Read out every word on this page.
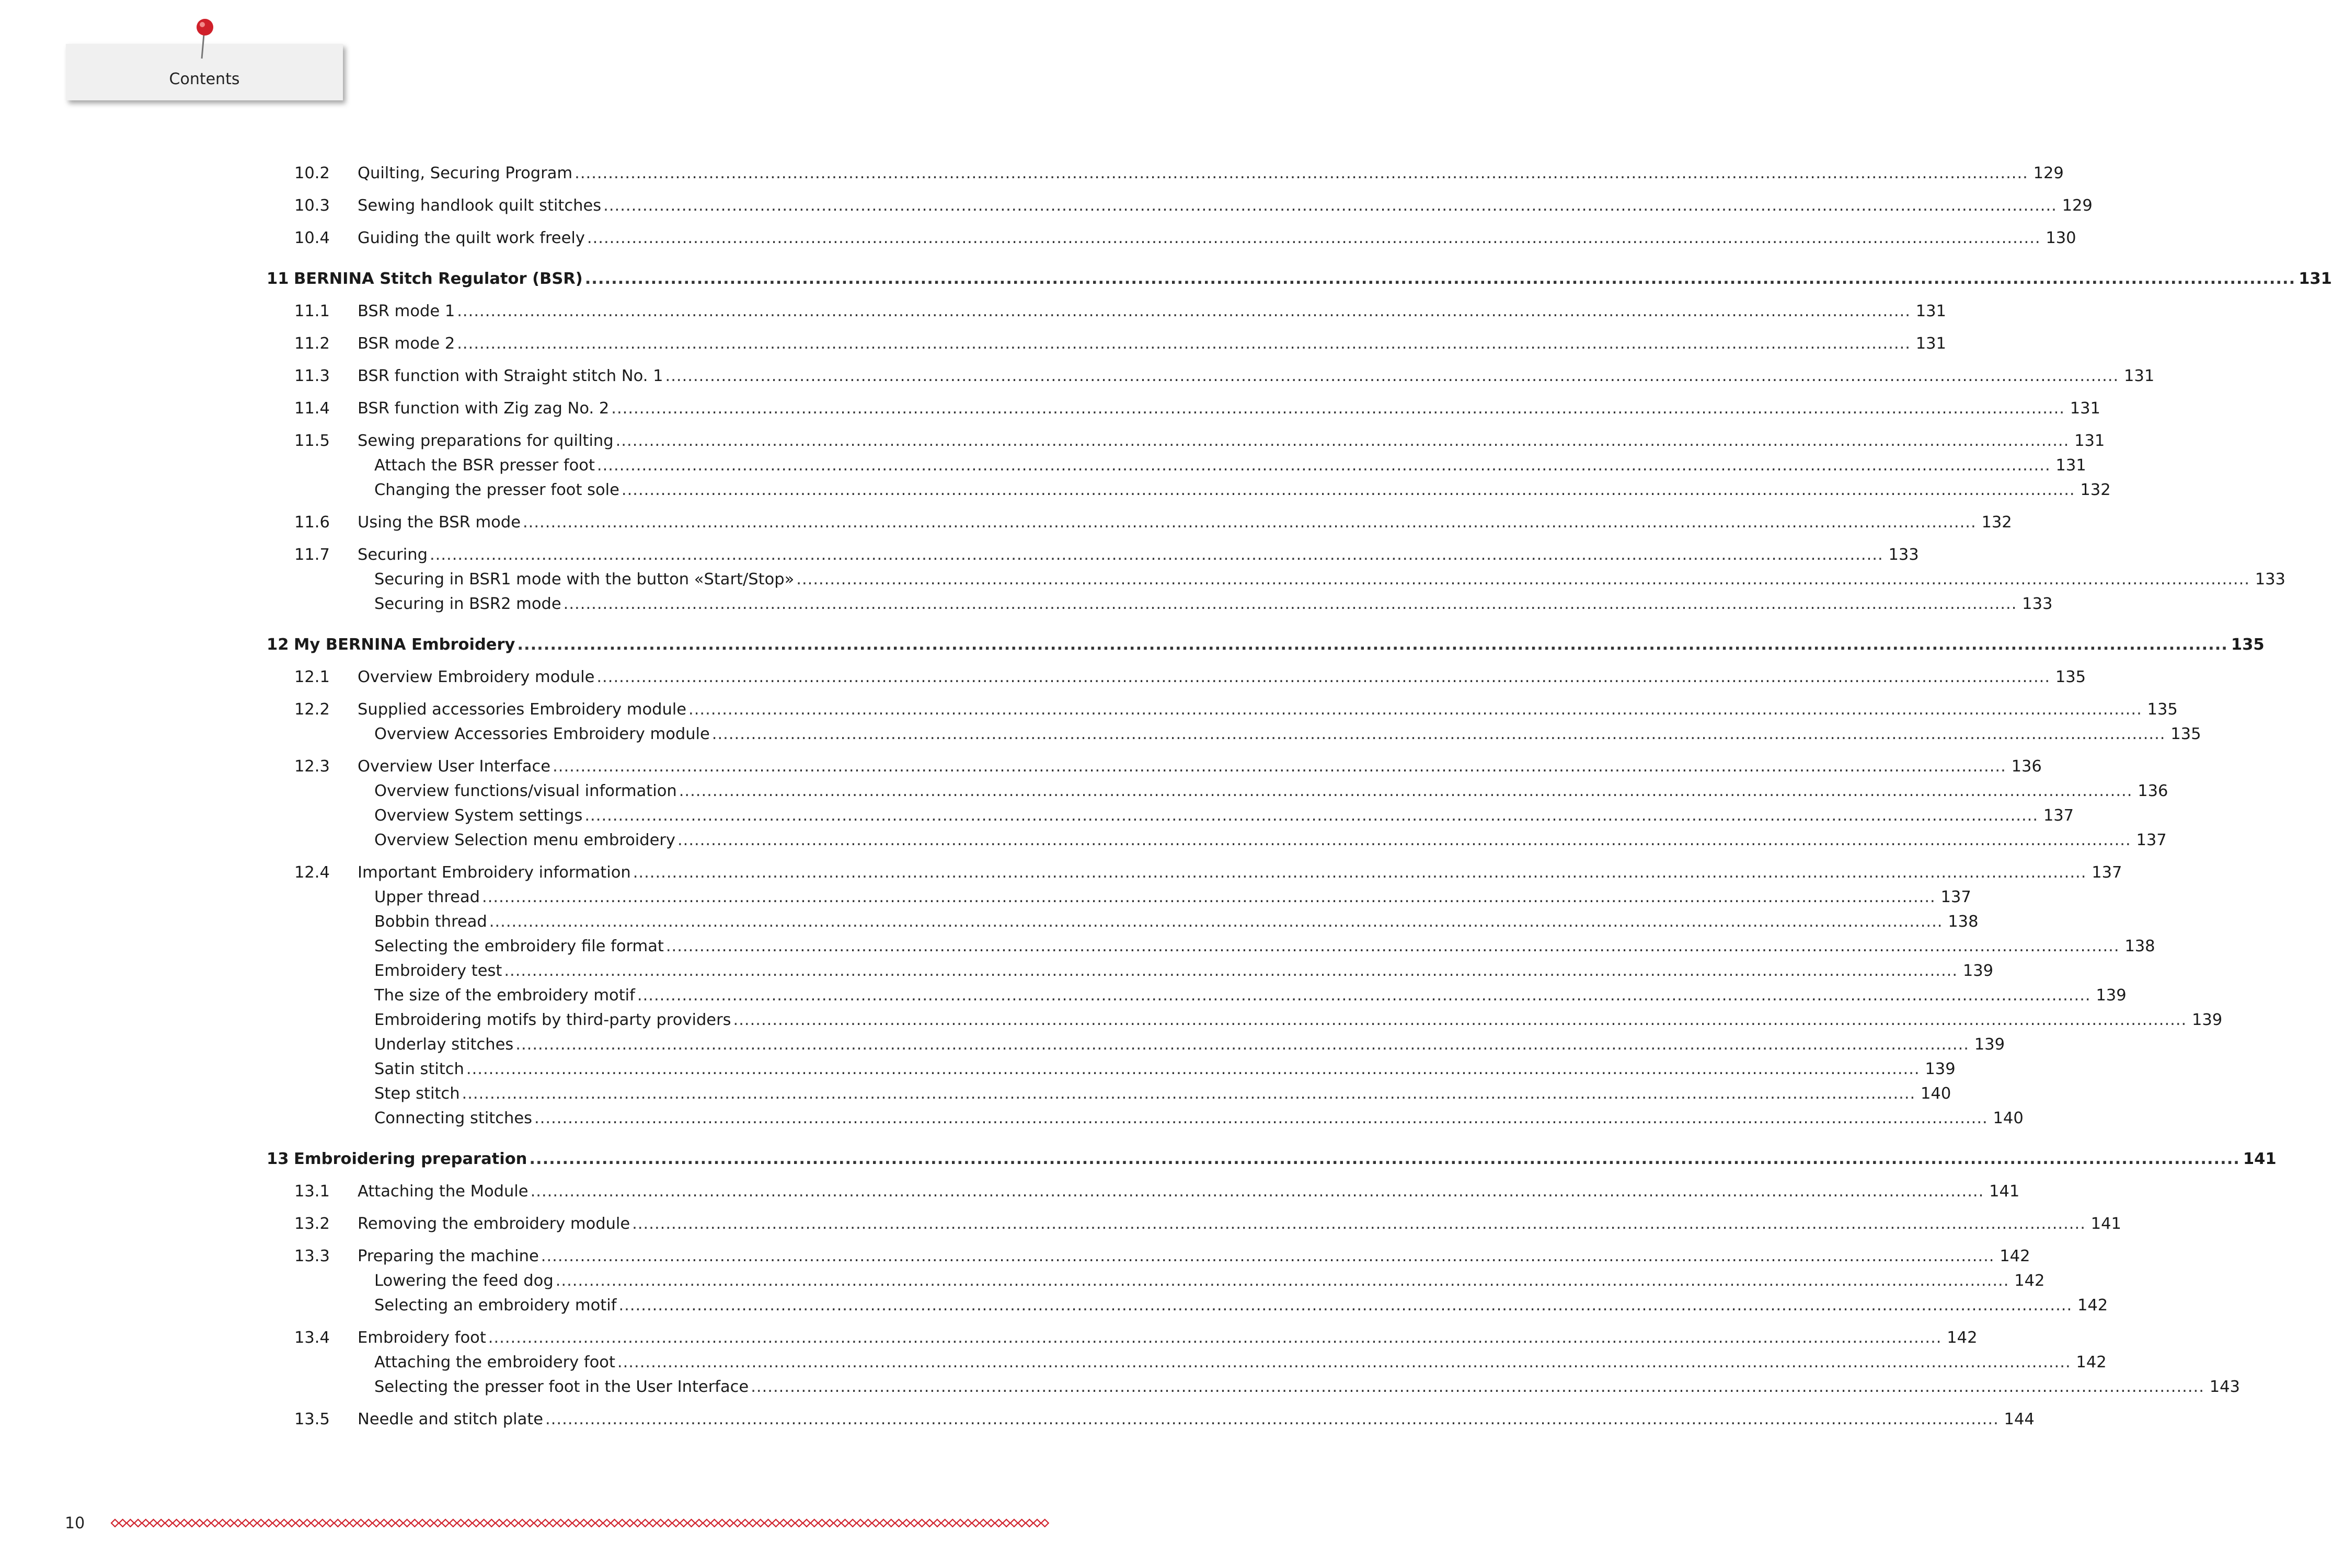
Contents
10.2 Quilting, Securing Program .................................................................................................................................................................................................................................................................... 129
10.3 Sewing handlook quilt stitches .................................................................................................................................................................................................................................................................... 129
10.4 Guiding the quilt work freely .................................................................................................................................................................................................................................................................... 130
11 BERNINA Stitch Regulator (BSR) .................................................................................................................................................................................................................................................................... 131
11.1 BSR mode 1 .................................................................................................................................................................................................................................................................... 131
11.2 BSR mode 2 .................................................................................................................................................................................................................................................................... 131
11.3 BSR function with Straight stitch No. 1 .................................................................................................................................................................................................................................................................... 131
11.4 BSR function with Zig zag No. 2 .................................................................................................................................................................................................................................................................... 131
11.5 Sewing preparations for quilting .................................................................................................................................................................................................................................................................... 131
Attach the BSR presser foot .................................................................................................................................................................................................................................................................... 131
Changing the presser foot sole .................................................................................................................................................................................................................................................................... 132
11.6 Using the BSR mode .................................................................................................................................................................................................................................................................... 132
11.7 Securing .................................................................................................................................................................................................................................................................... 133
Securing in BSR1 mode with the button «Start/Stop» .................................................................................................................................................................................................................................................................... 133
Securing in BSR2 mode .................................................................................................................................................................................................................................................................... 133
12 My BERNINA Embroidery .................................................................................................................................................................................................................................................................... 135
12.1 Overview Embroidery module .................................................................................................................................................................................................................................................................... 135
12.2 Supplied accessories Embroidery module .................................................................................................................................................................................................................................................................... 135
Overview Accessories Embroidery module .................................................................................................................................................................................................................................................................... 135
12.3 Overview User Interface .................................................................................................................................................................................................................................................................... 136
Overview functions/visual information .................................................................................................................................................................................................................................................................... 136
Overview System settings .................................................................................................................................................................................................................................................................... 137
Overview Selection menu embroidery .................................................................................................................................................................................................................................................................... 137
12.4 Important Embroidery information .................................................................................................................................................................................................................................................................... 137
Upper thread .................................................................................................................................................................................................................................................................... 137
Bobbin thread .................................................................................................................................................................................................................................................................... 138
Selecting the embroidery file format .................................................................................................................................................................................................................................................................... 138
Embroidery test .................................................................................................................................................................................................................................................................... 139
The size of the embroidery motif .................................................................................................................................................................................................................................................................... 139
Embroidering motifs by third-party providers .................................................................................................................................................................................................................................................................... 139
Underlay stitches .................................................................................................................................................................................................................................................................... 139
Satin stitch .................................................................................................................................................................................................................................................................... 139
Step stitch .................................................................................................................................................................................................................................................................... 140
Connecting stitches .................................................................................................................................................................................................................................................................... 140
13 Embroidering preparation .................................................................................................................................................................................................................................................................... 141
13.1 Attaching the Module .................................................................................................................................................................................................................................................................... 141
13.2 Removing the embroidery module .................................................................................................................................................................................................................................................................... 141
13.3 Preparing the machine .................................................................................................................................................................................................................................................................... 142
Lowering the feed dog .................................................................................................................................................................................................................................................................... 142
Selecting an embroidery motif .................................................................................................................................................................................................................................................................... 142
13.4 Embroidery foot .................................................................................................................................................................................................................................................................... 142
Attaching the embroidery foot .................................................................................................................................................................................................................................................................... 142
Selecting the presser foot in the User Interface .................................................................................................................................................................................................................................................................... 143
13.5 Needle and stitch plate .................................................................................................................................................................................................................................................................... 144
10
